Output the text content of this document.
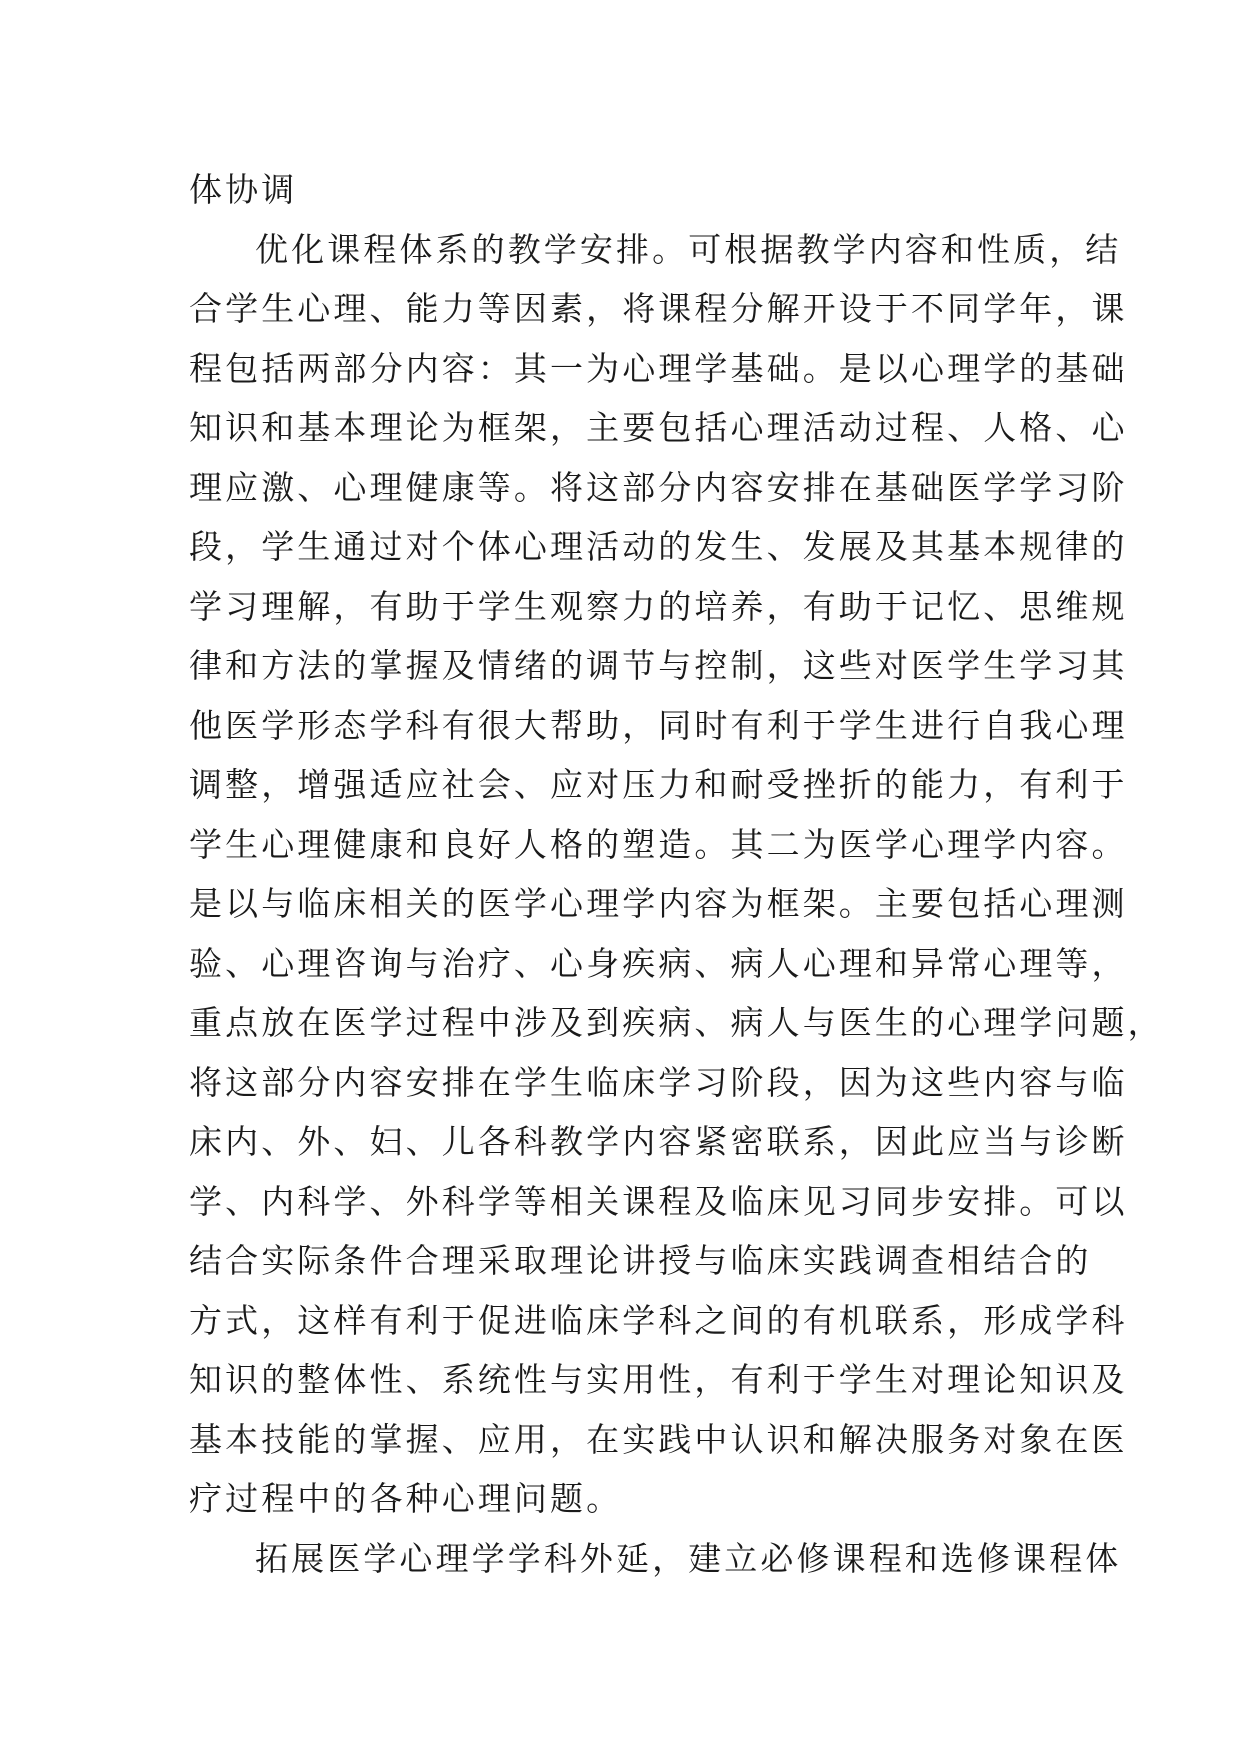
体协调
优化课程体系的教学安排。可根据教学内容和性质，结
合学生心理、能力等因素，将课程分解开设于不同学年，课
程包括两部分内容：其一为心理学基础。是以心理学的基础
知识和基本理论为框架，主要包括心理活动过程、人格、心
理应激、心理健康等。将这部分内容安排在基础医学学习阶
段，学生通过对个体心理活动的发生、发展及其基本规律的
学习理解，有助于学生观察力的培养，有助于记忆、思维规
律和方法的掌握及情绪的调节与控制，这些对医学生学习其
他医学形态学科有很大帮助，同时有利于学生进行自我心理
调整，增强适应社会、应对压力和耐受挫折的能力，有利于
学生心理健康和良好人格的塑造。其二为医学心理学内容。
是以与临床相关的医学心理学内容为框架。主要包括心理测
验、心理咨询与治疗、心身疾病、病人心理和异常心理等，
重点放在医学过程中涉及到疾病、病人与医生的心理学问题，
将这部分内容安排在学生临床学习阶段，因为这些内容与临
床内、外、妇、儿各科教学内容紧密联系，因此应当与诊断
学、内科学、外科学等相关课程及临床见习同步安排。可以
结合实际条件合理采取理论讲授与临床实践调查相结合的
方式，这样有利于促进临床学科之间的有机联系，形成学科
知识的整体性、系统性与实用性，有利于学生对理论知识及
基本技能的掌握、应用，在实践中认识和解决服务对象在医
疗过程中的各种心理问题。
拓展医学心理学学科外延，建立必修课程和选修课程体
